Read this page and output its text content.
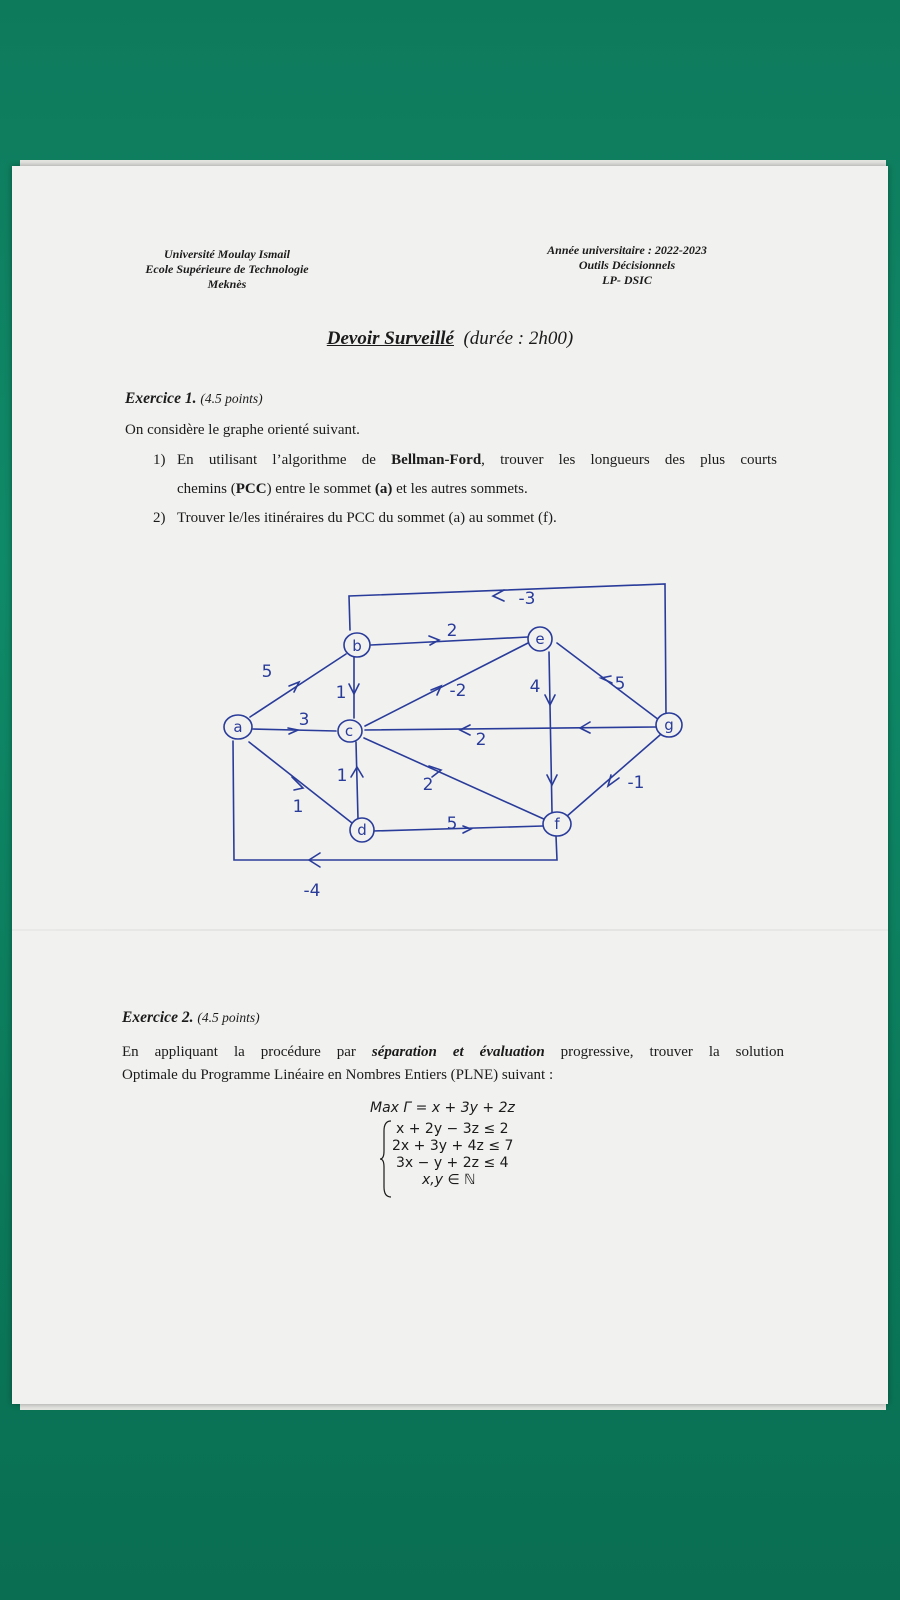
Université Moulay Ismail
Ecole Supérieure de Technologie
Meknès
Année universitaire : 2022-2023
Outils Décisionnels
LP- DSIC
Devoir Surveillé (durée : 2h00)
Exercice 1. (4.5 points)
On considère le graphe orienté suivant.
1) En utilisant l’algorithme de Bellman-Ford, trouver les longueurs des plus courts
chemins (PCC) entre le sommet (a) et les autres sommets.
2) Trouver le/les itinéraires du PCC du sommet (a) au sommet (f).
a
b
c
d
e
f
g
5
3
1
1
1
2
-2
2
2
5
4	5
-1
-3
-4
Exercice 2. (4.5 points)
En appliquant la procédure par séparation et évaluation progressive, trouver la solution
Optimale du Programme Linéaire en Nombres Entiers (PLNE) suivant :
Max Γ = x + 3y + 2z
x + 2y − 3z ≤ 2
2x + 3y + 4z ≤ 7
3x − y + 2z ≤ 4
x,y ∈ ℕ
